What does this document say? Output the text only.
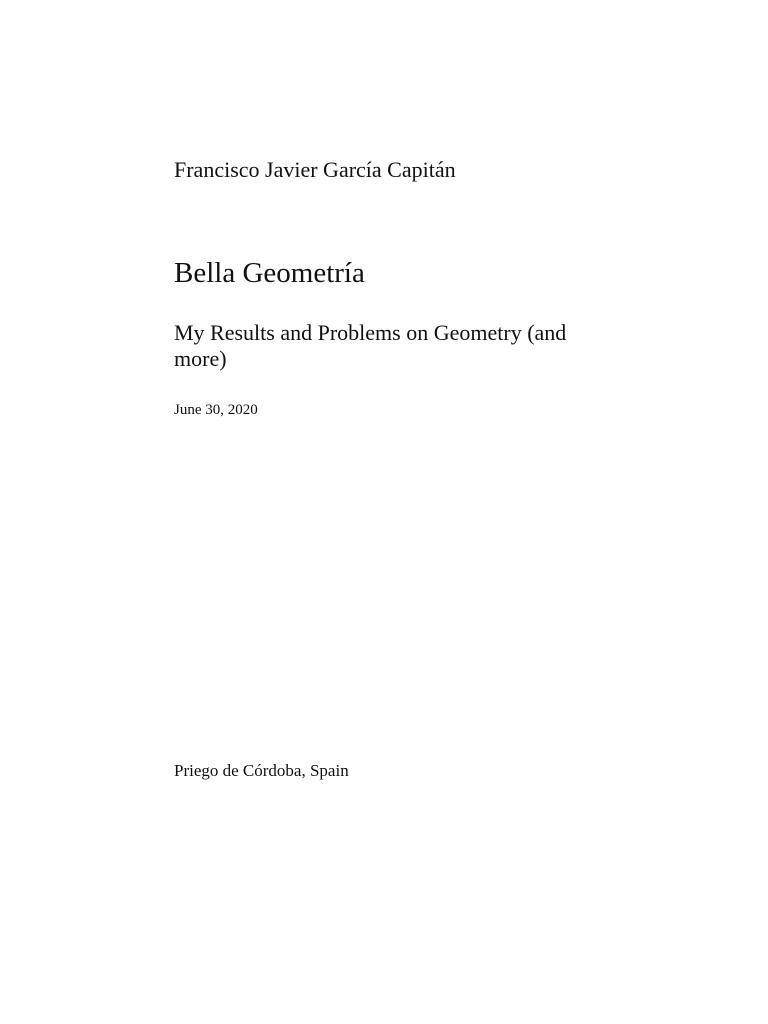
Francisco Javier García Capitán
Bella Geometría
My Results and Problems on Geometry (and more)
June 30, 2020
Priego de Córdoba, Spain
